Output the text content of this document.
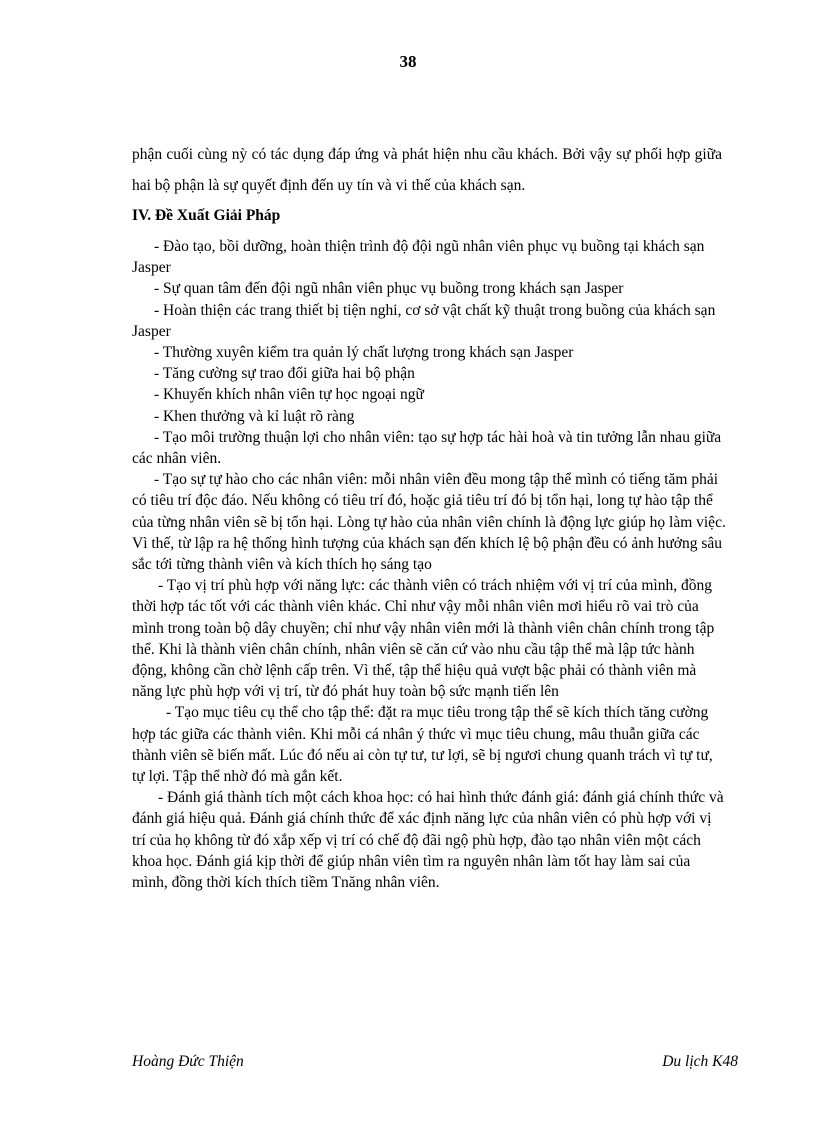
38
phận cuối cùng nỳ có tác dụng đáp ứng và phát hiện nhu cầu khách. Bởi vậy sự phối hợp giữa hai bộ phận là sự quyết định đến uy tín và vi thế của khách sạn.
IV. Đề Xuất Giải Pháp

- Đào tạo, bồi dưỡng, hoàn thiện trình độ đội ngũ nhân viên phục vụ buồng tại khách sạn Jasper

- Sự quan tâm đến đội ngũ nhân viên phục vụ buồng trong khách sạn Jasper

- Hoàn thiện các trang thiết bị tiện nghi, cơ sở vật chất kỹ thuật trong buồng của khách sạn Jasper

- Thường xuyên kiểm tra quản lý chất lượng trong khách sạn Jasper

- Tăng cường sự trao đổi giữa hai bộ phận

- Khuyến khích nhân viên tự học ngoại ngữ

- Khen thưởng và kỉ luật rõ ràng

- Tạo môi trường thuận lợi cho nhân viên: tạo sự hợp tác hài hoà và tin tưởng lẫn nhau giữa các nhân viên.

- Tạo sự tự hào cho các nhân viên: mỗi nhân viên đều mong tập thể mình có tiếng tăm phải có tiêu trí độc đáo. Nếu không có tiêu trí đó, hoặc giả tiêu trí đó bị tổn hại, long tự hào tập thể của từng nhân viên sẽ bị tổn hại. Lòng tự hào của nhân viên chính là động lực giúp họ làm việc. Vì thế, từ lập ra hệ thống hình tượng của khách sạn đến khích lệ bộ phận đều có ảnh hưởng sâu sắc tới từng thành viên và kích thích họ sáng tạo

- Tạo vị trí phù hợp với năng lực: các thành viên có trách nhiệm với vị trí của mình, đồng thời hợp tác tốt với các thành viên khác. Chỉ như vậy mỗi nhân viên mơi hiểu rõ vai trò của mình trong toàn bộ dây chuyền; chỉ như vậy nhân viên mới là thành viên chân chính trong tập thể. Khi là thành viên chân chính, nhân viên sẽ căn cứ vào nhu cầu tập thể mà lập tức hành động, không cần chờ lệnh cấp trên. Vì thế, tập thể hiệu quả vượt bậc phải có thành viên mà năng lực phù hợp với vị trí, từ đó phát huy toàn bộ sức mạnh tiến lên

- Tạo mục tiêu cụ thể cho tập thể: đặt ra mục tiêu trong tập thể sẽ kích thích tăng cường hợp tác giữa các thành viên. Khi mỗi cá nhân ý thức vì mục tiêu chung, mâu thuẫn giữa các thành viên sẽ biến mất. Lúc đó nếu ai còn tự tư, tư lợi, sẽ bị ngươi chung quanh trách vì tự tư, tự lợi. Tập thể nhờ đó mà gắn kết.

- Đánh giá thành tích một cách khoa học: có hai hình thức đánh giá: đánh giá chính thức và đánh giá hiệu quả. Đánh giá chính thức để xác định năng lực của nhân viên có phù hợp với vị trí của họ không từ đó xắp xếp vị trí có chế độ đãi ngộ phù hợp, đào tạo nhân viên một cách khoa học. Đánh giá kịp thời để giúp nhân viên tìm ra nguyên nhân làm tốt hay làm sai của mình, đồng thời kích thích tiềm Tnăng nhân viên.

Hoàng Đức Thiện	Du lịch K48
